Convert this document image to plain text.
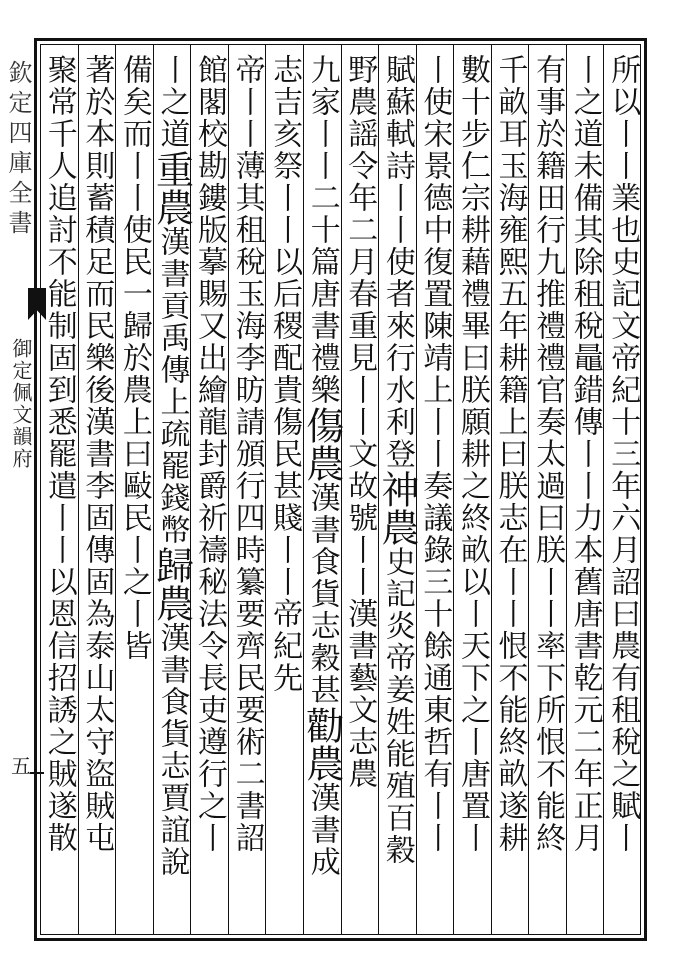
欽定四庫全書
御定佩文韻府
五	所以丨丨業也史記文帝紀十三年六月詔曰農有租稅之賦丨
丨之道未備其除租稅鼂錯傳丨丨力本舊唐書乾元二年正月
有事於籍田行九推禮禮官奏太過曰朕丨丨率下所恨不能終
千畝耳玉海雍熙五年耕籍上曰朕志在丨丨恨不能終畝遂耕
數十步仁宗耕藉禮畢曰朕願耕之終畝以丨天下之丨唐置丨
丨使宋景德中復置陳靖上丨丨奏議錄三十餘通東哲有丨丨
賦蘇軾詩丨丨使者來行水利登神農史記炎帝姜姓能殖百穀
野農謡令年二月春重見丨丨文故號丨丨漢書藝文志農
九家丨丨二十篇唐書禮樂傷農漢書食貨志穀甚勸農漢書成
志吉亥祭丨丨以后稷配貴傷民甚賤丨丨帝紀先
帝丨丨薄其租稅玉海李昉請頒行四時纂要齊民要術二書詔
館閣校勘鏤版摹賜又出繪龍封爵祈禱秘法令長吏遵行之丨
丨之道重農漢書貢禹傳上疏罷錢幣歸農漢書食貨志賈誼說
備矣而丨丨使民一歸於農上曰敺民丨之丨皆
著於本則蓄積足而民樂後漢書李固傳固為泰山太守盜賊屯
聚常千人追討不能制固到悉罷遣丨丨以恩信招誘之賊遂散
